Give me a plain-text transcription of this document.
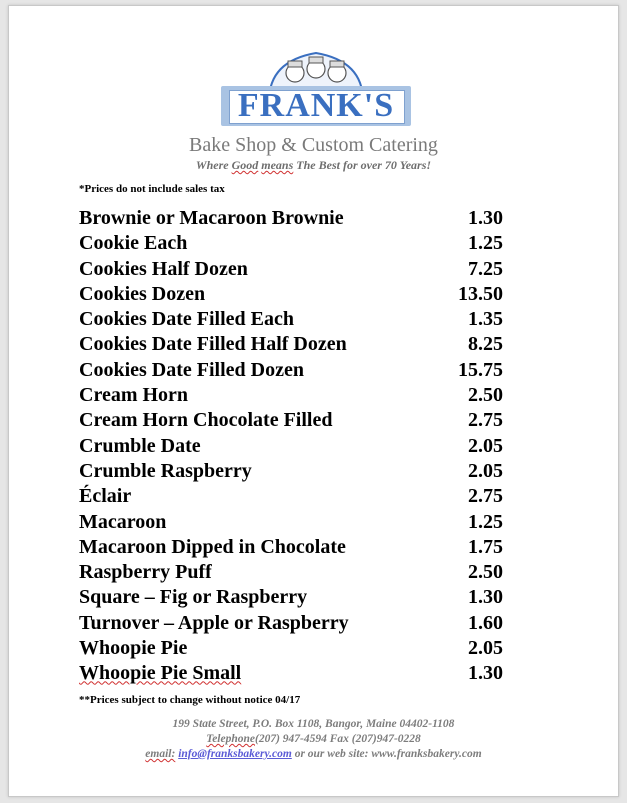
FRANK'S
Bake Shop & Custom Catering
Where Good means The Best for over 70 Years!
*Prices do not include sales tax
Brownie or Macaroon Brownie	1.30
Cookie Each	1.25
Cookies Half Dozen	7.25
Cookies Dozen	13.50
Cookies Date Filled Each	1.35
Cookies Date Filled Half Dozen	8.25
Cookies Date Filled Dozen	15.75
Cream Horn	2.50
Cream Horn Chocolate Filled	2.75
Crumble Date	2.05
Crumble Raspberry	2.05
Éclair	2.75
Macaroon	1.25
Macaroon Dipped in Chocolate	1.75
Raspberry Puff	2.50
Square – Fig or Raspberry	1.30
Turnover – Apple or Raspberry	1.60
Whoopie Pie	2.05
Whoopie Pie Small	1.30
**Prices subject to change without notice 04/17
199 State Street, P.O. Box 1108, Bangor, Maine 04402-1108
Telephone(207) 947-4594 Fax (207)947-0228
email: info@franksbakery.com or our web site: www.franksbakery.com
